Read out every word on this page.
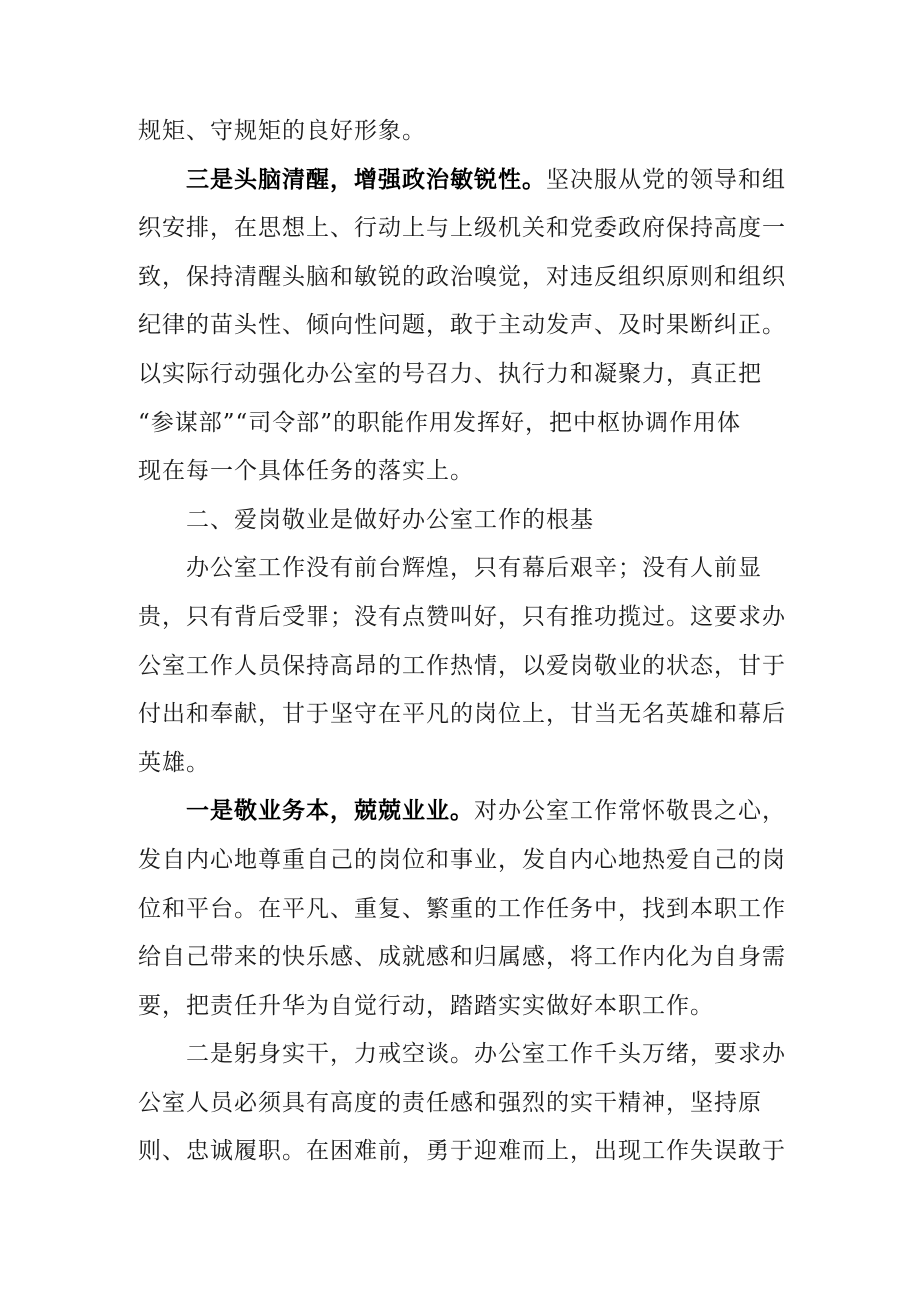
规矩、守规矩的良好形象。

三是头脑清醒，增强政治敏锐性。坚决服从党的领导和组
织安排，在思想上、行动上与上级机关和党委政府保持高度一
致，保持清醒头脑和敏锐的政治嗅觉，对违反组织原则和组织
纪律的苗头性、倾向性问题，敢于主动发声、及时果断纠正。
以实际行动强化办公室的号召力、执行力和凝聚力，真正把
“参谋部”“司令部”的职能作用发挥好，把中枢协调作用体
现在每一个具体任务的落实上。

二、爱岗敬业是做好办公室工作的根基

办公室工作没有前台辉煌，只有幕后艰辛；没有人前显
贵，只有背后受罪；没有点赞叫好，只有推功揽过。这要求办
公室工作人员保持高昂的工作热情，以爱岗敬业的状态，甘于
付出和奉献，甘于坚守在平凡的岗位上，甘当无名英雄和幕后
英雄。

一是敬业务本，兢兢业业。对办公室工作常怀敬畏之心，
发自内心地尊重自己的岗位和事业，发自内心地热爱自己的岗
位和平台。在平凡、重复、繁重的工作任务中，找到本职工作
给自己带来的快乐感、成就感和归属感，将工作内化为自身需
要，把责任升华为自觉行动，踏踏实实做好本职工作。

二是躬身实干，力戒空谈。办公室工作千头万绪，要求办
公室人员必须具有高度的责任感和强烈的实干精神，坚持原
则、忠诚履职。在困难前，勇于迎难而上，出现工作失误敢于
